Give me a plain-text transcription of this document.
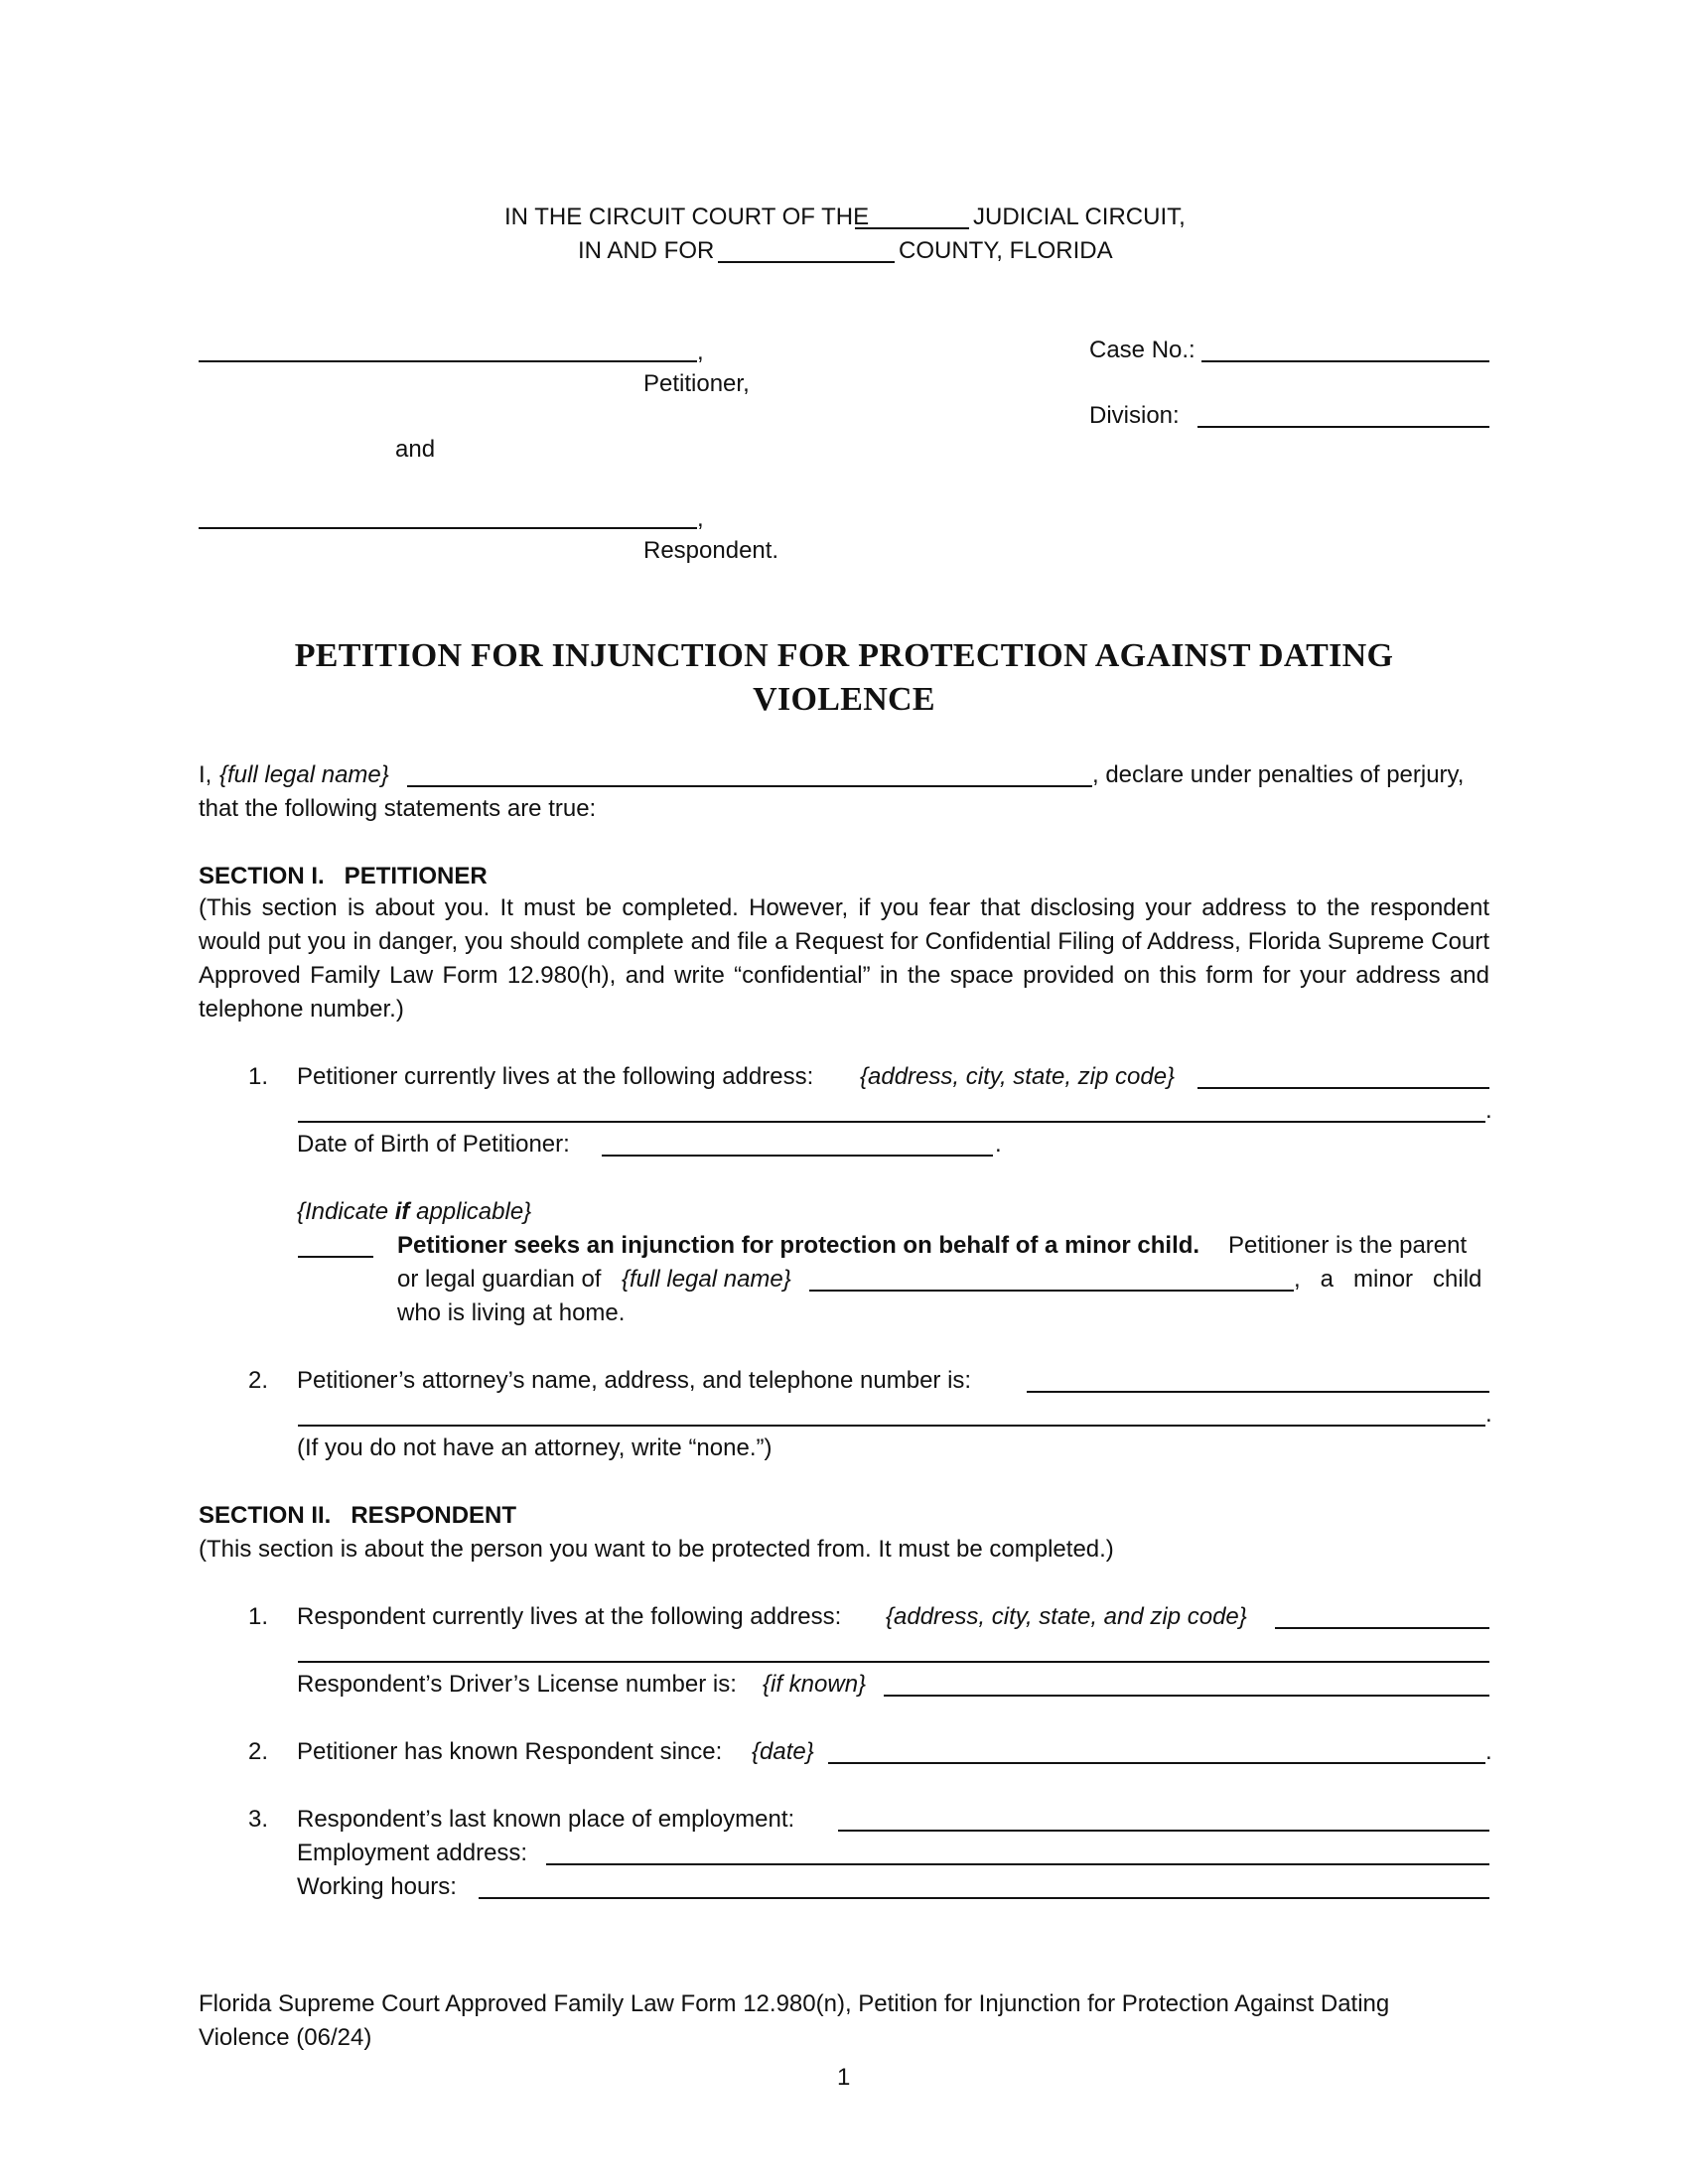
IN THE CIRCUIT COURT OF THE	JUDICIAL CIRCUIT,
IN AND FOR	COUNTY, FLORIDA
,
Petitioner,
and
,
Respondent.
Case No.:
Division:
PETITION FOR INJUNCTION FOR PROTECTION AGAINST DATING
VIOLENCE
I, {full legal name}	, declare under penalties of perjury,
that the following statements are true:
SECTION I.   PETITIONER
(This section is about you. It must be completed. However, if you fear that disclosing your address to the respondent would put you in danger, you should complete and file a Request for Confidential Filing of Address, Florida Supreme Court Approved Family Law Form 12.980(h), and write “confidential” in the space provided on this form for your address and telephone number.)
1. Petitioner currently lives at the following address: {address, city, state, zip code}
.
Date of Birth of Petitioner:	.
{Indicate if applicable}
Petitioner seeks an injunction for protection on behalf of a minor child. Petitioner is the parent
or legal guardian of {full legal name}	,   a   minor   child
who is living at home.
2. Petitioner’s attorney’s name, address, and telephone number is:
.
(If you do not have an attorney, write “none.”)
SECTION II.   RESPONDENT
(This section is about the person you want to be protected from. It must be completed.)
1. Respondent currently lives at the following address: {address, city, state, and zip code}
Respondent’s Driver’s License number is: {if known}
2. Petitioner has known Respondent since: {date}	.
3. Respondent’s last known place of employment:
Employment address:
Working hours:
Florida Supreme Court Approved Family Law Form 12.980(n), Petition for Injunction for Protection Against Dating
Violence (06/24)
1
